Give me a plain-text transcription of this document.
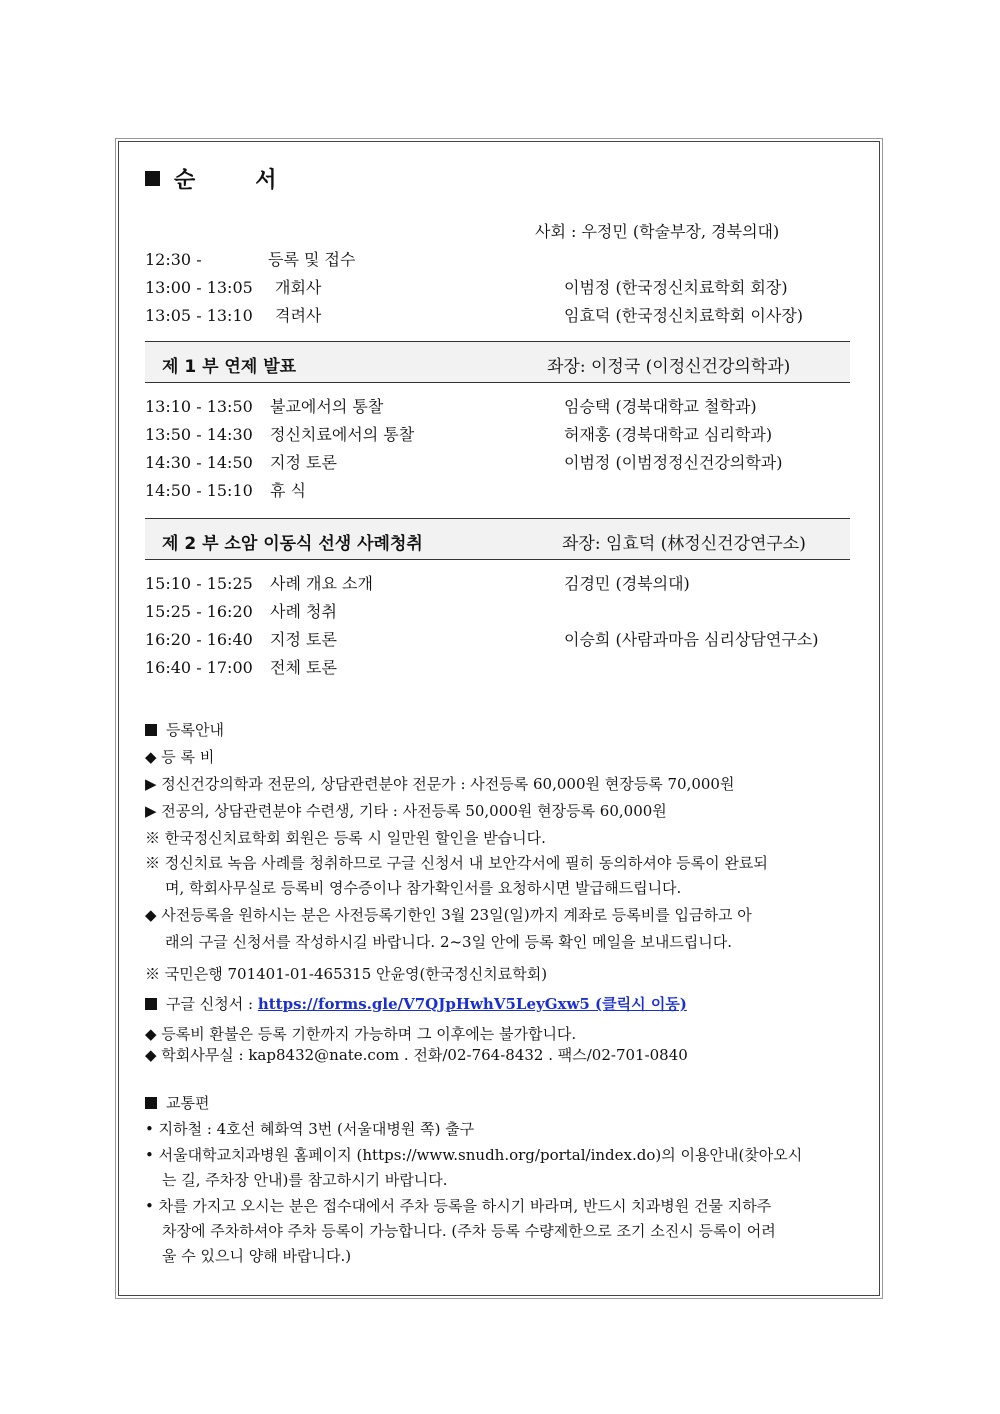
순	서
사회 : 우정민 (학술부장, 경북의대)
12:30 -	등록 및 접수
13:00 - 13:05 개회사	이범정 (한국정신치료학회 회장)
13:05 - 13:10 격려사	임효덕 (한국정신치료학회 이사장)
제 1 부 연제 발표	좌장: 이정국 (이정신건강의학과)
13:10 - 13:50 불교에서의 통찰	임승택 (경북대학교 철학과)
13:50 - 14:30 정신치료에서의 통찰	허재홍 (경북대학교 심리학과)
14:30 - 14:50 지정 토론	이범정 (이범정정신건강의학과)
14:50 - 15:10 휴 식
제 2 부 소암 이동식 선생 사례청취	좌장: 임효덕 (林정신건강연구소)
15:10 - 15:25 사례 개요 소개	김경민 (경북의대)
15:25 - 16:20 사례 청취
16:20 - 16:40 지정 토론	이승희 (사람과마음 심리상담연구소)
16:40 - 17:00 전체 토론
등록안내
◆ 등 록 비
▶ 정신건강의학과 전문의, 상담관련분야 전문가 : 사전등록 60,000원 현장등록 70,000원
▶ 전공의, 상담관련분야 수련생, 기타 : 사전등록 50,000원 현장등록 60,000원
※ 한국정신치료학회 회원은 등록 시 일만원 할인을 받습니다.
※ 정신치료 녹음 사례를 청취하므로 구글 신청서 내 보안각서에 필히 동의하셔야 등록이 완료되
며, 학회사무실로 등록비 영수증이나 참가확인서를 요청하시면 발급해드립니다.
◆ 사전등록을 원하시는 분은 사전등록기한인 3월 23일(일)까지 계좌로 등록비를 입금하고 아
래의 구글 신청서를 작성하시길 바랍니다. 2~3일 안에 등록 확인 메일을 보내드립니다.
※ 국민은행 701401-01-465315 안윤영(한국정신치료학회)
구글 신청서 : https://forms.gle/V7QJpHwhV5LeyGxw5 (클릭시 이동)
◆ 등록비 환불은 등록 기한까지 가능하며 그 이후에는 불가합니다.
◆ 학회사무실 : kap8432@nate.com . 전화/02-764-8432 . 팩스/02-701-0840
교통편
• 지하철 : 4호선 혜화역 3번 (서울대병원 쪽) 출구
• 서울대학교치과병원 홈페이지 (https://www.snudh.org/portal/index.do)의 이용안내(찾아오시
는 길, 주차장 안내)를 참고하시기 바랍니다.
• 차를 가지고 오시는 분은 접수대에서 주차 등록을 하시기 바라며, 반드시 치과병원 건물 지하주
차장에 주차하셔야 주차 등록이 가능합니다. (주차 등록 수량제한으로 조기 소진시 등록이 어려
울 수 있으니 양해 바랍니다.)
